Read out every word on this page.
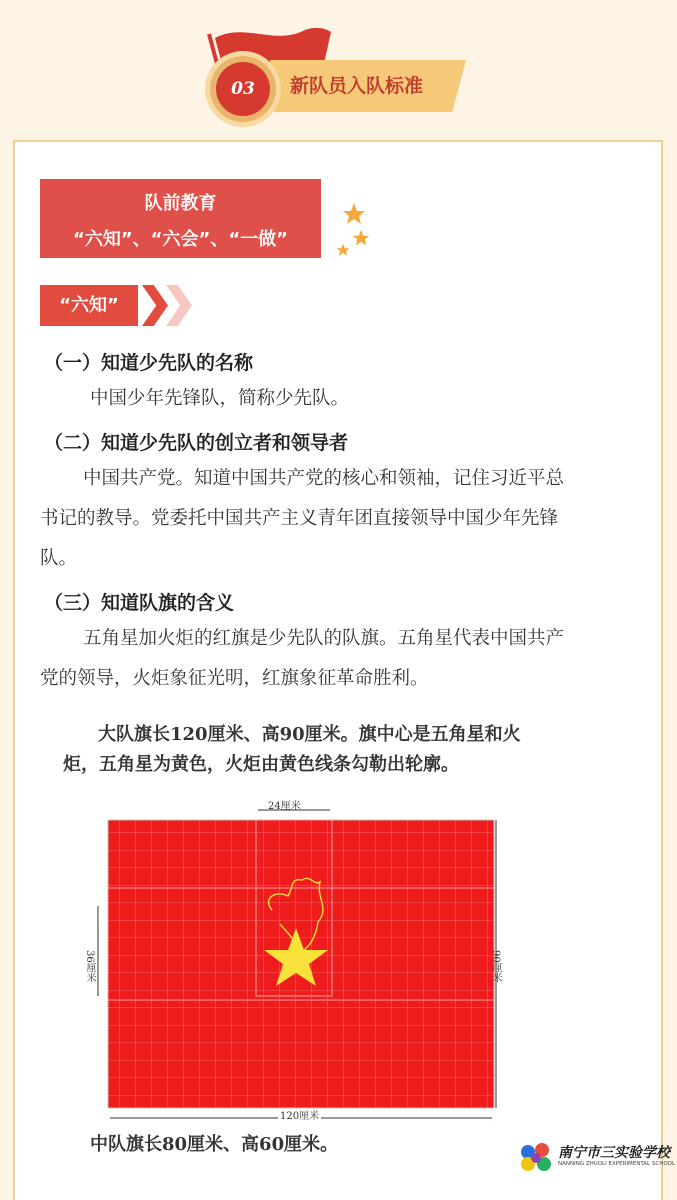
03	新队员入队标准
队前教育
“六知”、“六会”、“一做”
“六知”
（一）知道少先队的名称
中国少年先锋队，简称少先队。
（二）知道少先队的创立者和领导者
中国共产党。知道中国共产党的核心和领袖，记住习近平总
书记的教导。党委托中国共产主义青年团直接领导中国少年先锋
队。
（三）知道队旗的含义
五角星加火炬的红旗是少先队的队旗。五角星代表中国共产
党的领导，火炬象征光明，红旗象征革命胜利。
大队旗长120厘米、高90厘米。旗中心是五角星和火
炬，五角星为黄色，火炬由黄色线条勾勒出轮廓。
24厘米
36厘米	90厘米
120厘米
中队旗长80厘米、高60厘米。	南宁市三实验学校
NANNING ZHUOLI EXPERIMENTAL SCHOOL
